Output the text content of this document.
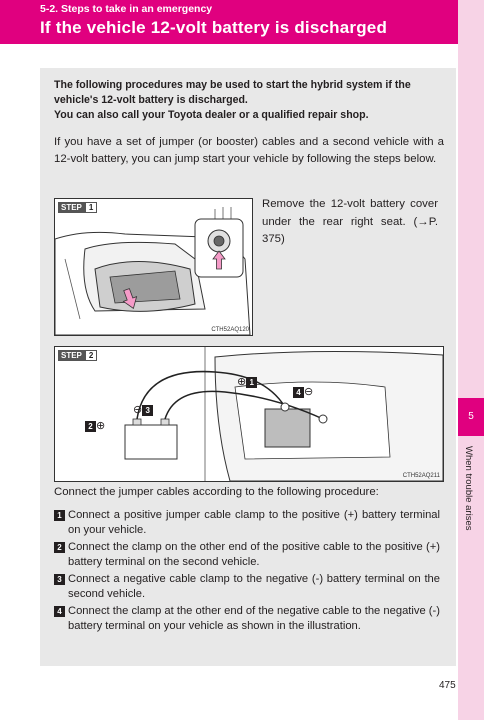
5-2. Steps to take in an emergency
If the vehicle 12-volt battery is discharged
5
When trouble arises
The following procedures may be used to start the hybrid system if the vehicle's 12-volt battery is discharged.
You can also call your Toyota dealer or a qualified repair shop.
If you have a set of jumper (or booster) cables and a second vehicle with a 12-volt battery, you can jump start your vehicle by following the steps below.
STEP 1
CTH52AQ120
Remove the 12-volt battery cover under the rear right seat. (→P. 375)
STEP 2
⊕ 1
4 ⊖
2 ⊕
⊖ 3
CTH52AQ211
Connect the jumper cables according to the following procedure:
1 Connect a positive jumper cable clamp to the positive (+) battery terminal on your vehicle.
2 Connect the clamp on the other end of the positive cable to the positive (+) battery terminal on the second vehicle.
3 Connect a negative cable clamp to the negative (-) battery terminal on the second vehicle.
4 Connect the clamp at the other end of the negative cable to the negative (-) battery terminal on your vehicle as shown in the illustration.
475
